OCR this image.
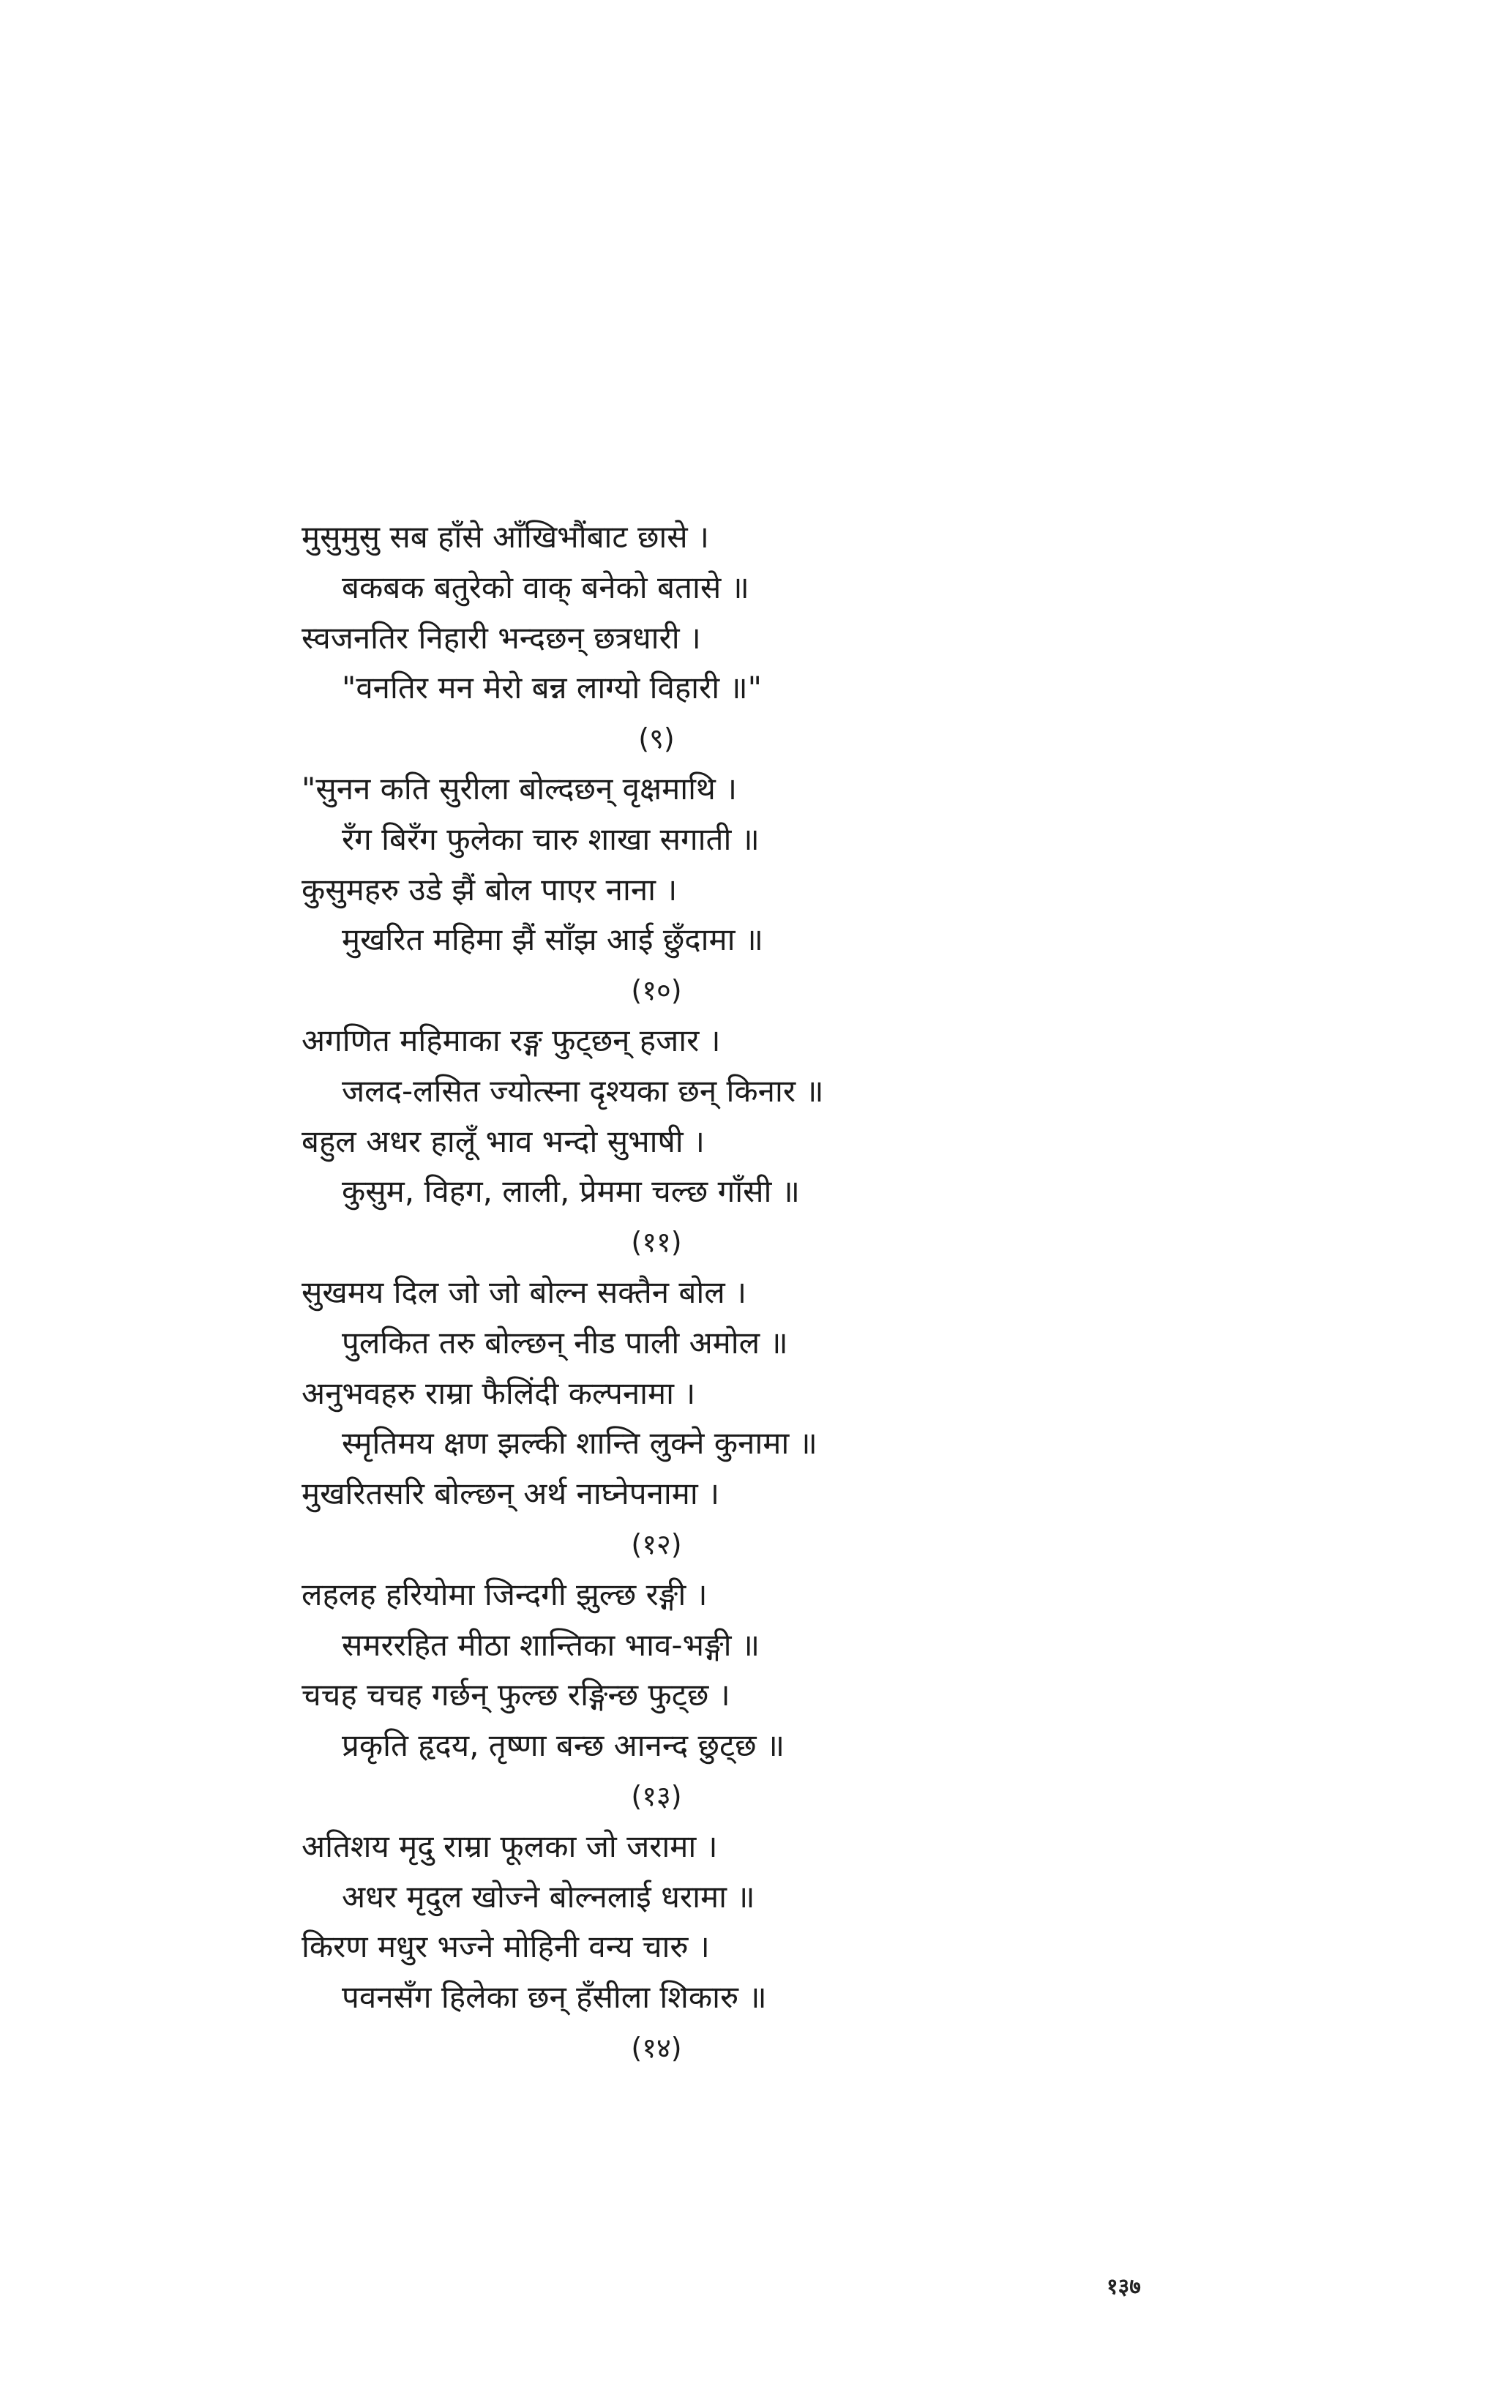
मुसुमुसु सब हाँसे आँखिभौंबाट छासे ।
बकबक बतुरेको वाक् बनेको बतासे ॥
स्वजनतिर निहारी भन्दछन् छत्रधारी ।
"वनतिर मन मेरो बन्न लाग्यो विहारी ॥"
(९)
"सुनन कति सुरीला बोल्दछन् वृक्षमाथि ।
रँग बिरँग फुलेका चारु शाखा सगाती ॥
कुसुमहरु उडे झैं बोल पाएर नाना ।
मुखरित महिमा झैं साँझ आई छुँदामा ॥
(१०)
अगणित महिमाका रङ्ग फुट्छन् हजार ।
जलद-लसित ज्योत्स्ना दृश्यका छन् किनार ॥
बहुल अधर हालूँ भाव भन्दो सुभाषी ।
कुसुम, विहग, लाली, प्रेममा चल्छ गाँसी ॥
(११)
सुखमय दिल जो जो बोल्न सक्तैन बोल ।
पुलकित तरु बोल्छन् नीड पाली अमोल ॥
अनुभवहरु राम्रा फैलिंदी कल्पनामा ।
स्मृतिमय क्षण झल्की शान्ति लुक्ने कुनामा ॥
मुखरितसरि बोल्छन् अर्थ नाघ्नेपनामा ।
(१२)
लहलह हरियोमा जिन्दगी झुल्छ रङ्गी ।
समररहित मीठा शान्तिका भाव-भङ्गी ॥
चचह चचह गर्छन् फुल्छ रङ्गिन्छ फुट्छ ।
प्रकृति हृदय, तृष्णा बन्छ आनन्द छुट्छ ॥
(१३)
अतिशय मृदु राम्रा फूलका जो जरामा ।
अधर मृदुल खोज्ने बोल्नलाई धरामा ॥
किरण मधुर भज्ने मोहिनी वन्य चारु ।
पवनसँग हिलेका छन् हँसीला शिकारु ॥
(१४)
१३७
